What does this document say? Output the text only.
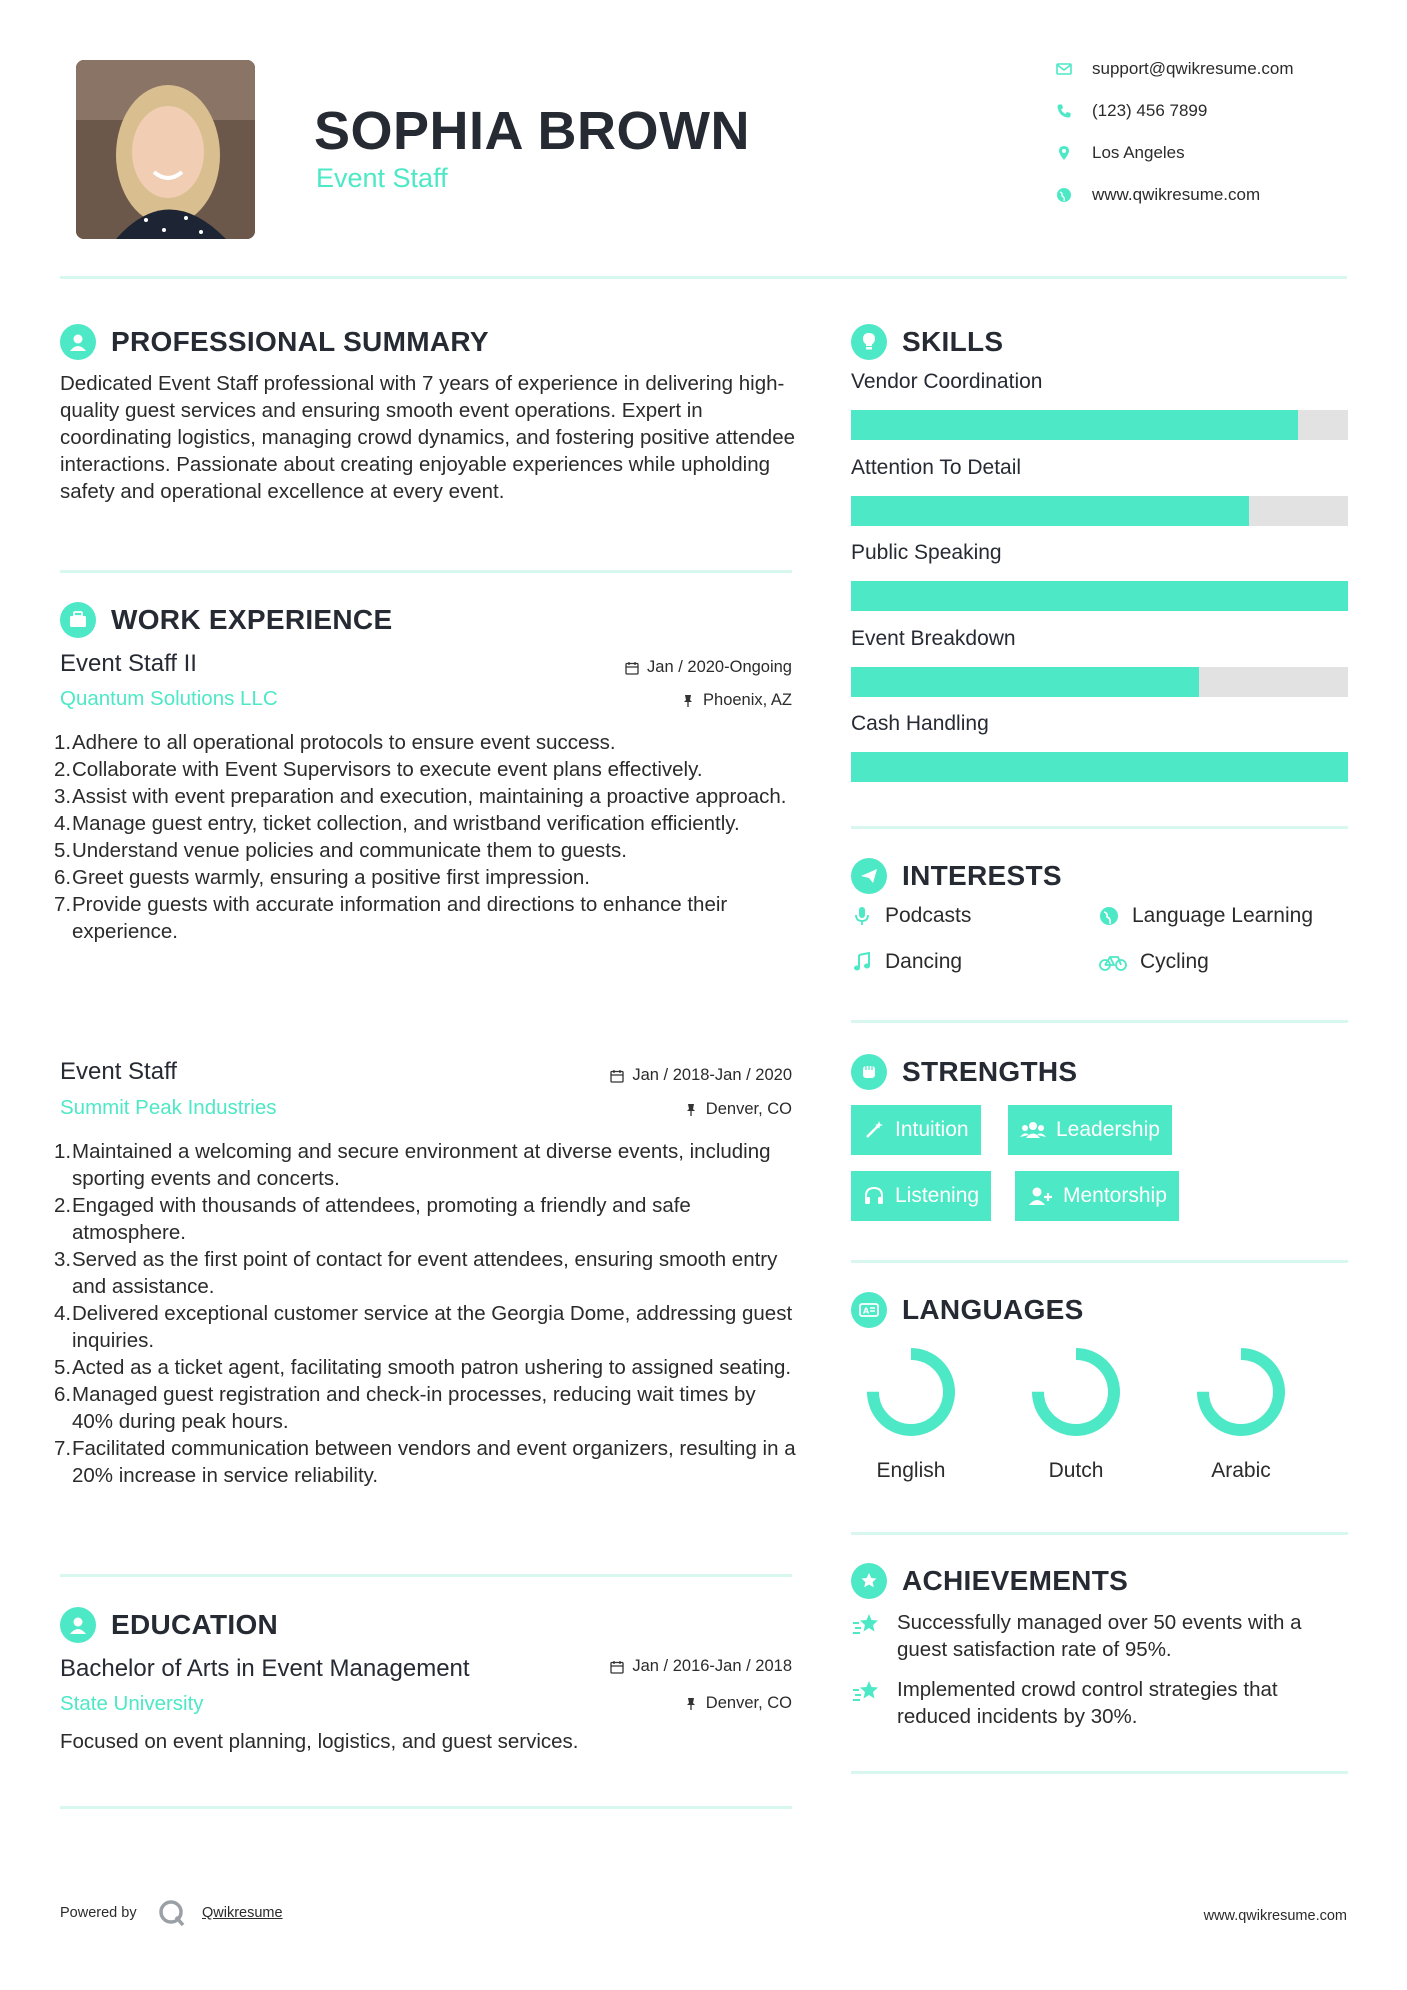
SOPHIA BROWN
Event Staff
support@qwikresume.com
(123) 456 7899
Los Angeles
www.qwikresume.com
PROFESSIONAL SUMMARY
Dedicated Event Staff professional with 7 years of experience in delivering high-quality guest services and ensuring smooth event operations. Expert in coordinating logistics, managing crowd dynamics, and fostering positive attendee interactions. Passionate about creating enjoyable experiences while upholding safety and operational excellence at every event.
WORK EXPERIENCE
Event Staff II	Jan / 2020-Ongoing
Quantum Solutions LLC	Phoenix, AZ
1. Adhere to all operational protocols to ensure event success.
2. Collaborate with Event Supervisors to execute event plans effectively.
3. Assist with event preparation and execution, maintaining a proactive approach.
4. Manage guest entry, ticket collection, and wristband verification efficiently.
5. Understand venue policies and communicate them to guests.
6. Greet guests warmly, ensuring a positive first impression.
7. Provide guests with accurate information and directions to enhance their experience.
Event Staff	Jan / 2018-Jan / 2020
Summit Peak Industries	Denver, CO
1. Maintained a welcoming and secure environment at diverse events, including sporting events and concerts.
2. Engaged with thousands of attendees, promoting a friendly and safe atmosphere.
3. Served as the first point of contact for event attendees, ensuring smooth entry and assistance.
4. Delivered exceptional customer service at the Georgia Dome, addressing guest inquiries.
5. Acted as a ticket agent, facilitating smooth patron ushering to assigned seating.
6. Managed guest registration and check-in processes, reducing wait times by 40% during peak hours.
7. Facilitated communication between vendors and event organizers, resulting in a 20% increase in service reliability.
EDUCATION
Bachelor of Arts in Event Management	Jan / 2016-Jan / 2018
State University	Denver, CO
Focused on event planning, logistics, and guest services.
SKILLS
Vendor Coordination
Attention To Detail
Public Speaking
Event Breakdown
Cash Handling
INTERESTS
Podcasts	Language Learning
Dancing	Cycling
STRENGTHS
Intuition	Leadership
Listening	Mentorship
A LANGUAGES
English	Dutch	Arabic
ACHIEVEMENTS
Successfully managed over 50 events with a guest satisfaction rate of 95%.
Implemented crowd control strategies that reduced incidents by 30%.
Powered by	Qwikresume	www.qwikresume.com
